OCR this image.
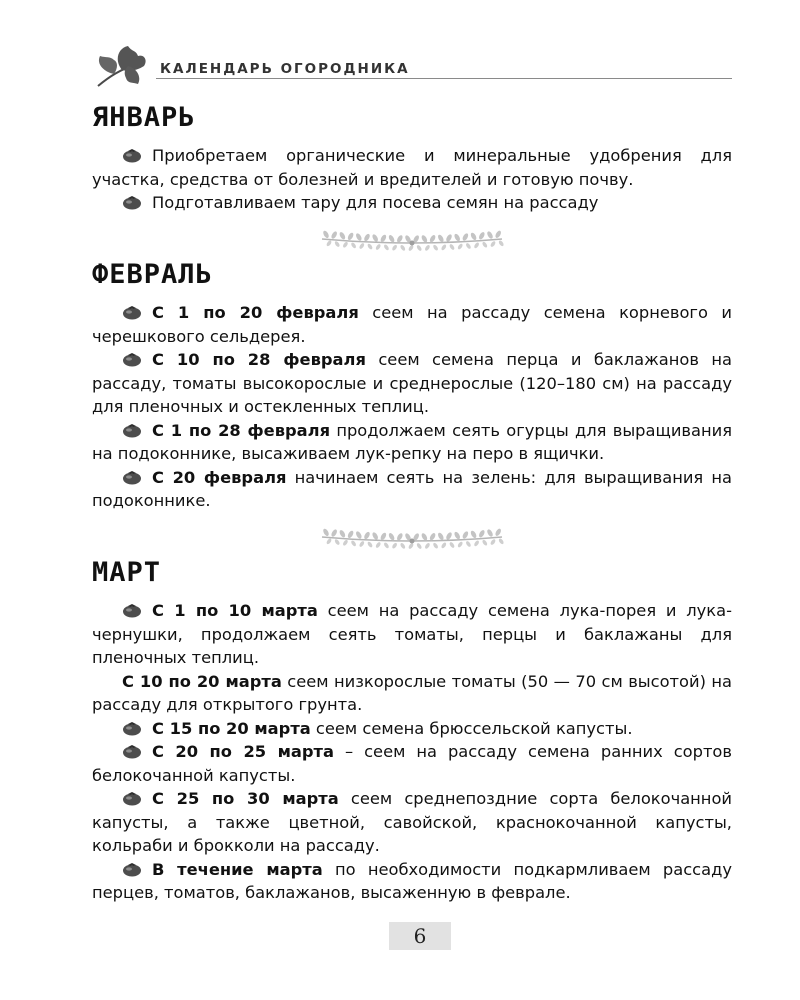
КАЛЕНДАРЬ ОГОРОДНИКА
ЯНВАРЬ

Приобретаем органические и минеральные удобрения для участка, средства от болезней и вредителей и готовую почву.

Подготавливаем тару для посева семян на рассаду

ФЕВРАЛЬ

С 1 по 20 февраля сеем на рассаду семена корневого и черешкового сельдерея.

С 10 по 28 февраля сеем семена перца и баклажанов на рассаду, томаты высокорослые и среднерослые (120–180 см) на рассаду для пленочных и остекленных теплиц.

С 1 по 28 февраля продолжаем сеять огурцы для выращивания на подоконнике, высаживаем лук-репку на перо в ящички.

С 20 февраля начинаем сеять на зелень: для выращивания на подоконнике.

МАРТ

С 1 по 10 марта сеем на рассаду семена лука-порея и лука-чернушки, продолжаем сеять томаты, перцы и баклажаны для пленочных теплиц.

С 10 по 20 марта сеем низкорослые томаты (50 — 70 см высотой) на рассаду для открытого грунта.

С 15 по 20 марта сеем семена брюссельской капусты.

С 20 по 25 марта – сеем на рассаду семена ранних сортов белокочанной капусты.

С 25 по 30 марта сеем среднепоздние сорта белокочанной капусты, а также цветной, савойской, краснокочанной капусты, кольраби и брокколи на рассаду.

В течение марта по необходимости подкармливаем рассаду перцев, томатов, баклажанов, высаженную в феврале.

6
